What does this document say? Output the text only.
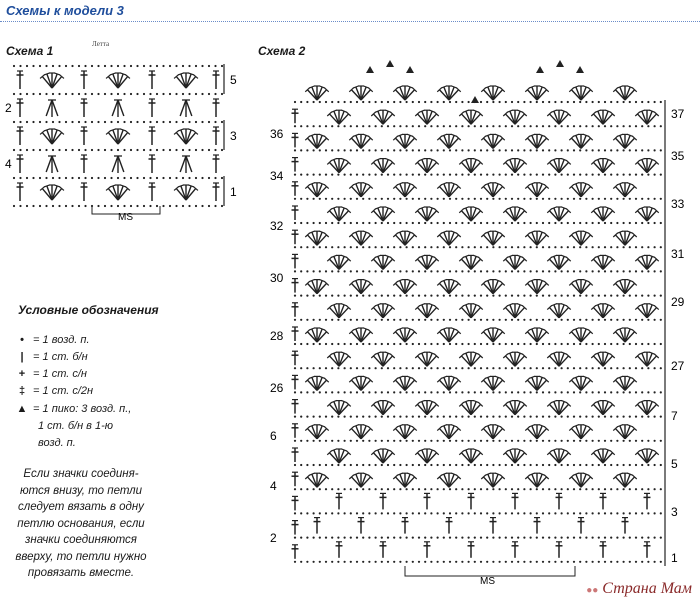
Схемы к модели 3
Схема 1	Летта
4
2
5
3
1
MS
Схема 2
36
34
32
30
28
26
6
4
2
37
35
33
31
29
27
7
5
3
1
MS
Условные обозначения
• = 1 возд. п.
| = 1 ст. б/н
+ = 1 ст. с/н
‡ = 1 ст. с/2н
▲ = 1 пико: 3 возд. п.,
1 ст. б/н в 1-ю
возд. п.
Если значки соединя-
ются внизу, то петли
следует вязать в одну
петлю основания, если
значки соединяются
вверху, то петли нужно
провязать вместе.
●● Страна Мам
